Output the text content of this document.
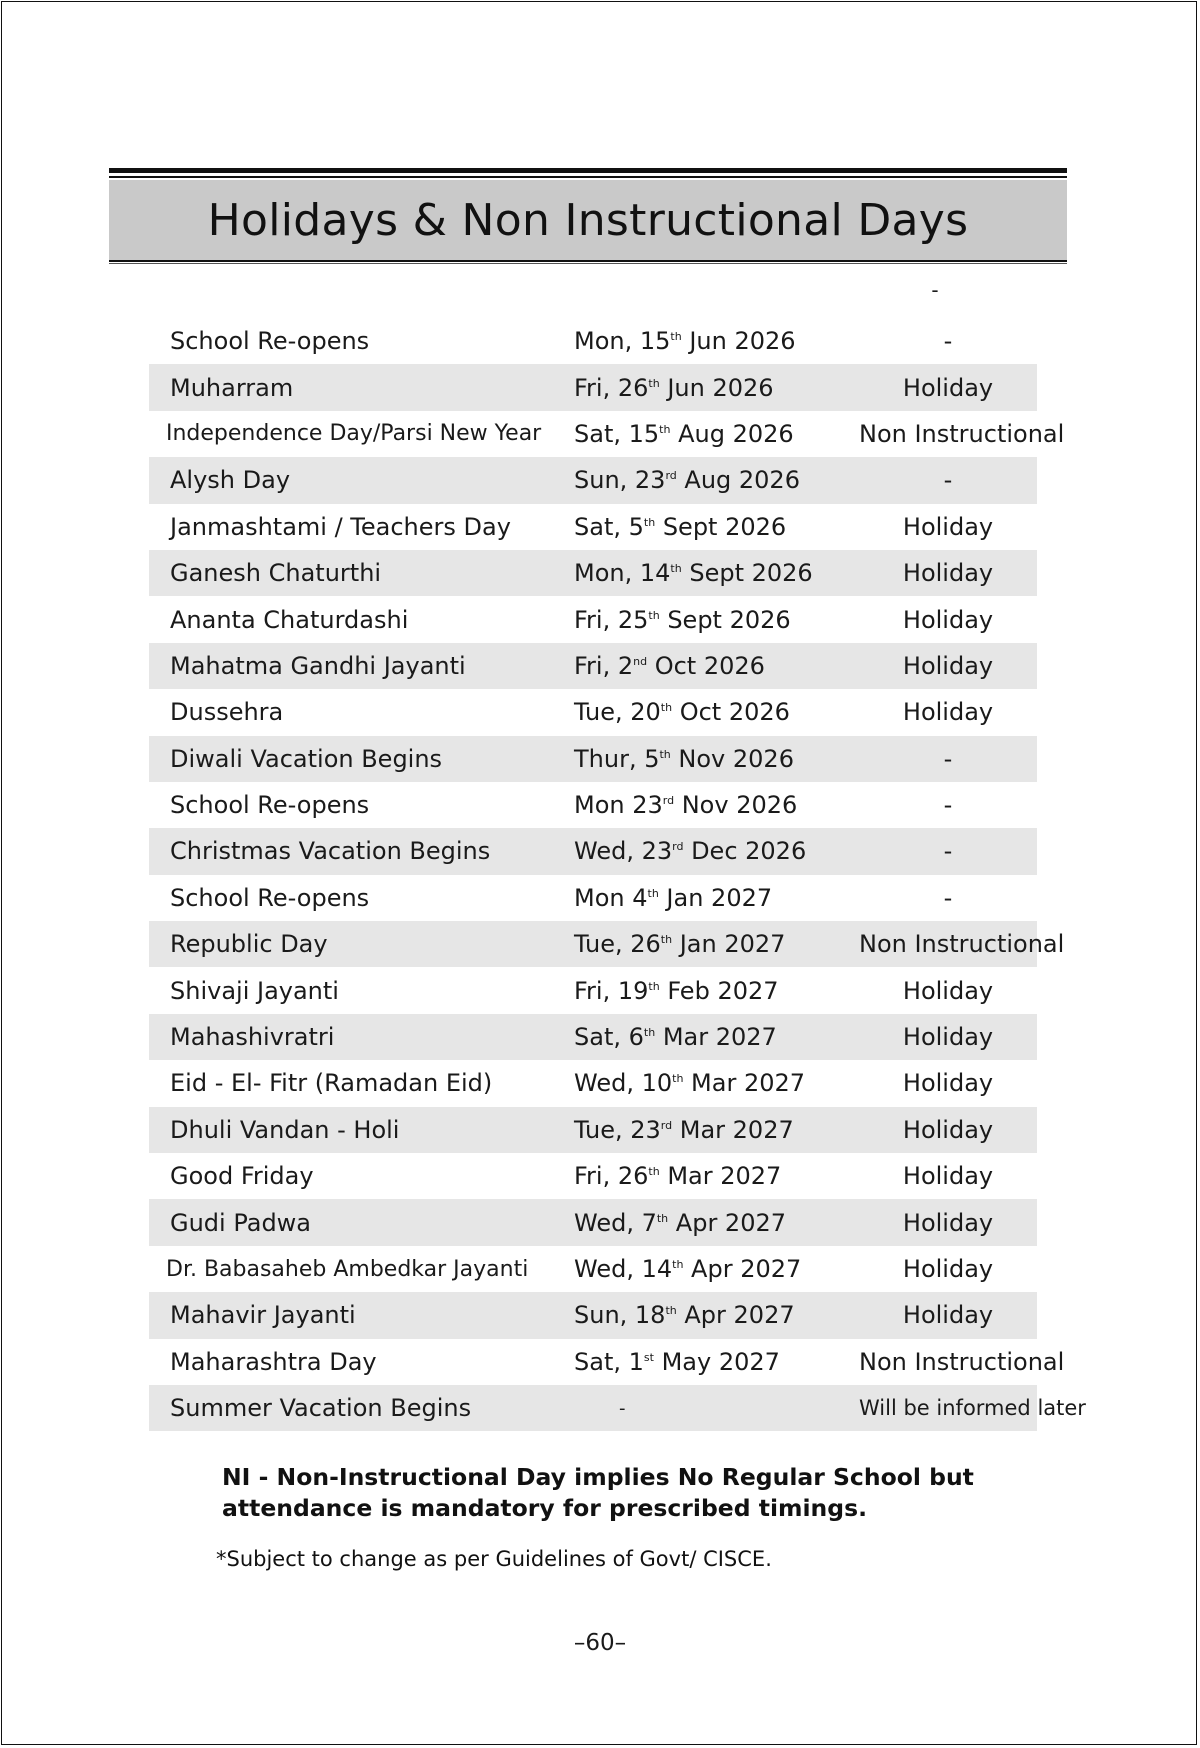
Holidays & Non Instructional Days
-
School Re-opens	Mon, 15th Jun 2026	-
Muharram	Fri, 26th Jun 2026	Holiday
Independence Day/Parsi New Year	Sat, 15th Aug 2026	Non Instructional
Alysh Day	Sun, 23rd Aug 2026	-
Janmashtami / Teachers Day	Sat, 5th Sept 2026	Holiday
Ganesh Chaturthi	Mon, 14th Sept 2026	Holiday
Ananta Chaturdashi	Fri, 25th Sept 2026	Holiday
Mahatma Gandhi Jayanti	Fri, 2nd Oct 2026	Holiday
Dussehra	Tue, 20th Oct 2026	Holiday
Diwali Vacation Begins	Thur, 5th Nov 2026	-
School Re-opens	Mon 23rd Nov 2026	-
Christmas Vacation Begins	Wed, 23rd Dec 2026	-
School Re-opens	Mon 4th Jan 2027	-
Republic Day	Tue, 26th Jan 2027	Non Instructional
Shivaji Jayanti	Fri, 19th Feb 2027	Holiday
Mahashivratri	Sat, 6th Mar 2027	Holiday
Eid - El- Fitr (Ramadan Eid)	Wed, 10th Mar 2027	Holiday
Dhuli Vandan - Holi	Tue, 23rd Mar 2027	Holiday
Good Friday	Fri, 26th Mar 2027	Holiday
Gudi Padwa	Wed, 7th Apr 2027	Holiday
Dr. Babasaheb Ambedkar Jayanti	Wed, 14th Apr 2027	Holiday
Mahavir Jayanti	Sun, 18th Apr 2027	Holiday
Maharashtra Day	Sat, 1st May 2027	Non Instructional
Summer Vacation Begins	-	Will be informed later
NI - Non-Instructional Day implies No Regular School but
attendance is mandatory for prescribed timings.
*Subject to change as per Guidelines of Govt/ CISCE.
–60–
